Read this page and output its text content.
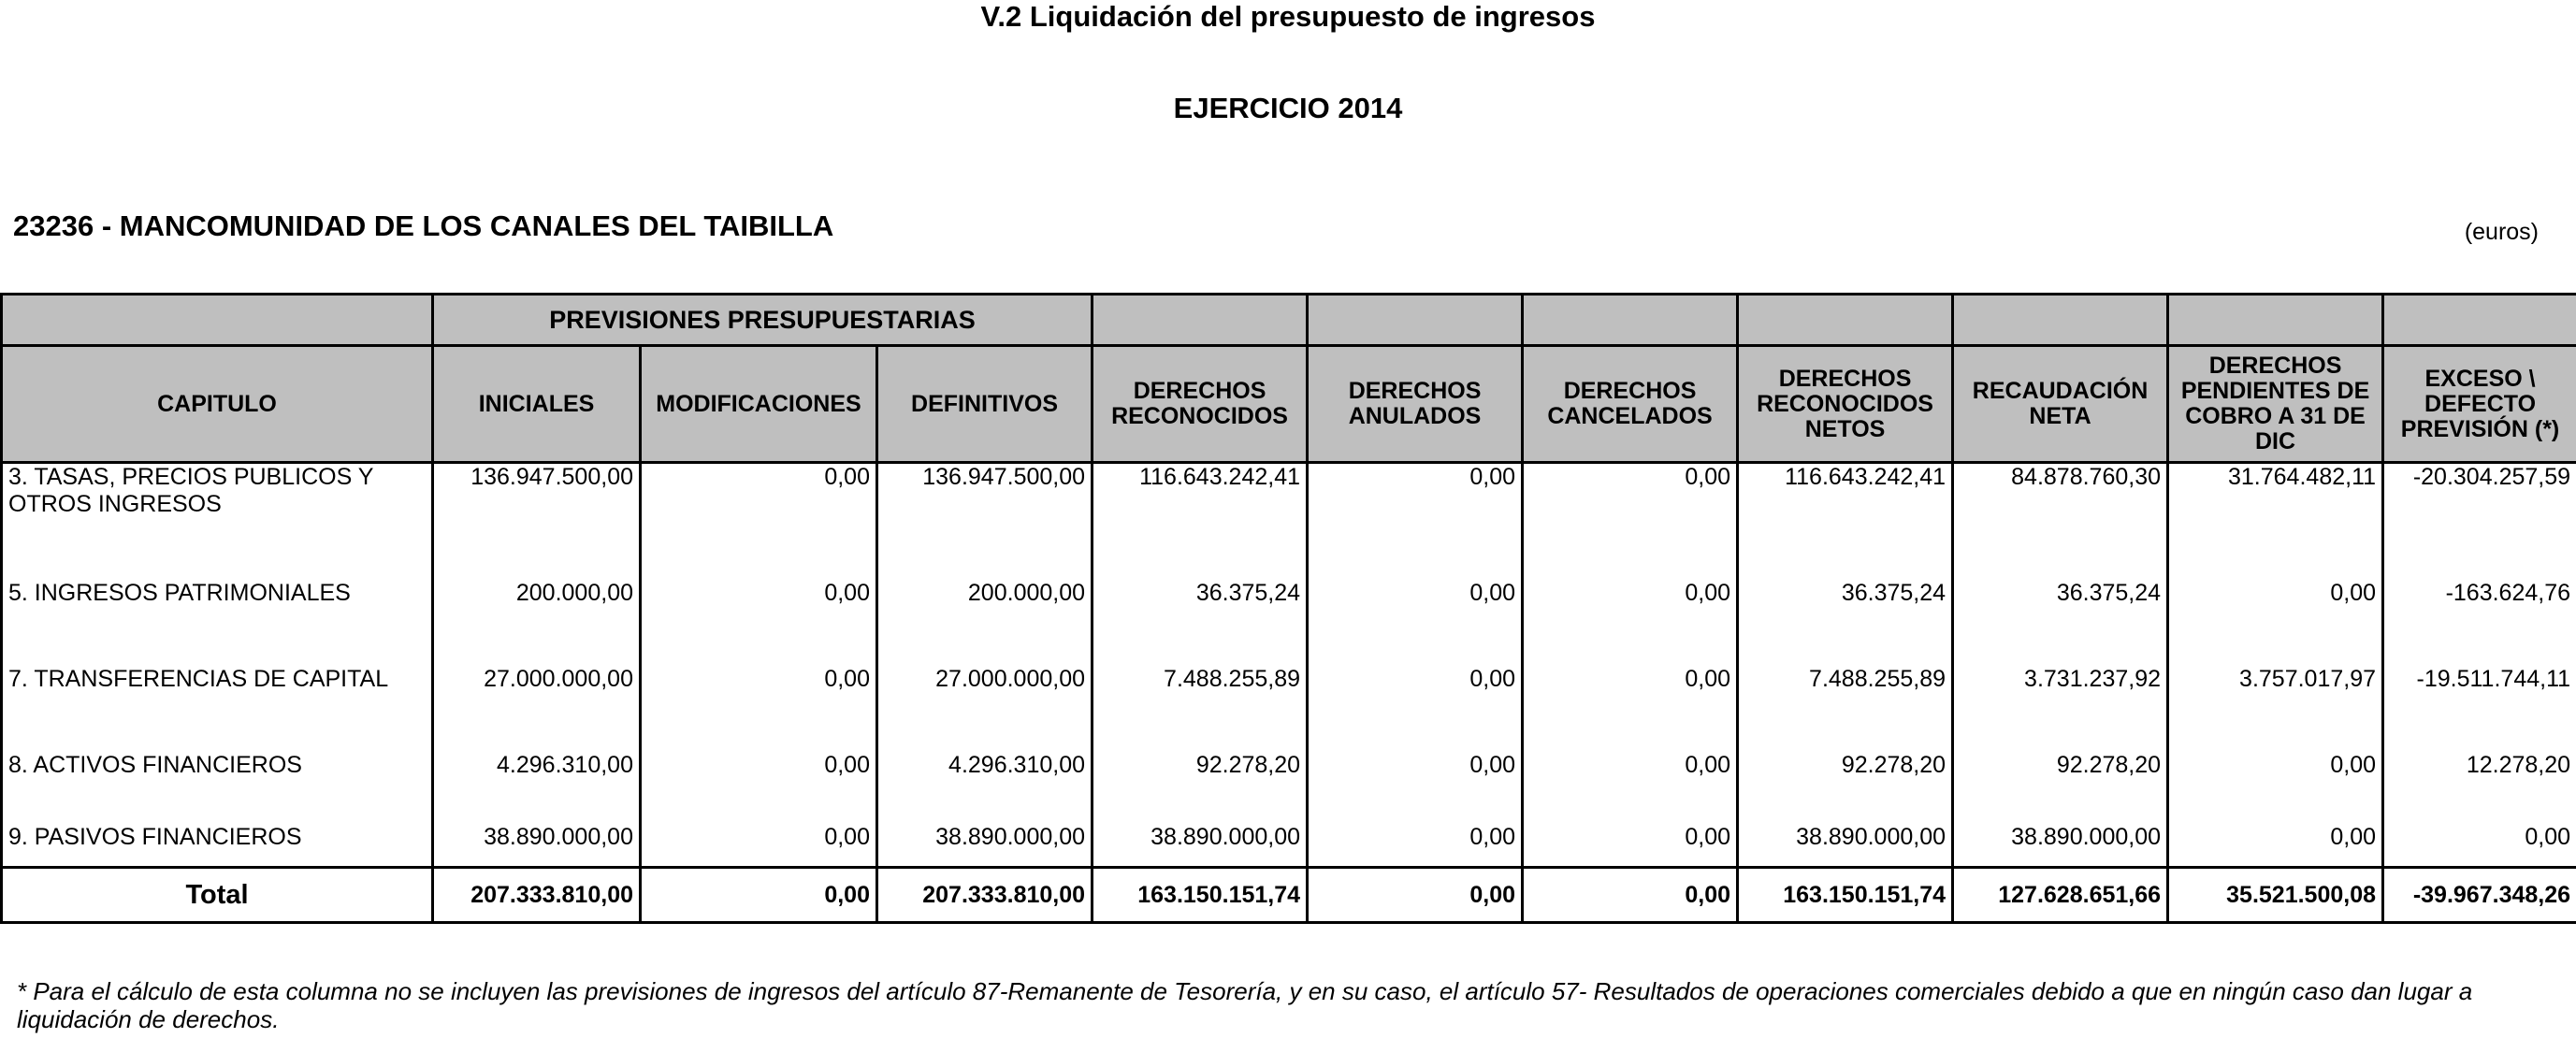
V.2 Liquidación del presupuesto de ingresos
EJERCICIO 2014
23236 - MANCOMUNIDAD DE LOS CANALES DEL TAIBILLA	(euros)
	PREVISIONES PRESUPUESTARIAS									
CAPITULO	INICIALES	MODIFICACIONES	DEFINITIVOS	DERECHOS RECONOCIDOS	DERECHOS ANULADOS	DERECHOS CANCELADOS	DERECHOS RECONOCIDOS NETOS	RECAUDACIÓN NETA	DERECHOS PENDIENTES DE COBRO A 31 DE DIC	EXCESO \ DEFECTO PREVISIÓN (*)
3. TASAS, PRECIOS PUBLICOS Y OTROS INGRESOS	136.947.500,00	0,00	136.947.500,00	116.643.242,41	0,00	0,00	116.643.242,41	84.878.760,30	31.764.482,11	-20.304.257,59
5. INGRESOS PATRIMONIALES	200.000,00	0,00	200.000,00	36.375,24	0,00	0,00	36.375,24	36.375,24	0,00	-163.624,76
7. TRANSFERENCIAS DE CAPITAL	27.000.000,00	0,00	27.000.000,00	7.488.255,89	0,00	0,00	7.488.255,89	3.731.237,92	3.757.017,97	-19.511.744,11
8. ACTIVOS FINANCIEROS	4.296.310,00	0,00	4.296.310,00	92.278,20	0,00	0,00	92.278,20	92.278,20	0,00	12.278,20
9. PASIVOS FINANCIEROS	38.890.000,00	0,00	38.890.000,00	38.890.000,00	0,00	0,00	38.890.000,00	38.890.000,00	0,00	0,00
Total	207.333.810,00	0,00	207.333.810,00	163.150.151,74	0,00	0,00	163.150.151,74	127.628.651,66	35.521.500,08	-39.967.348,26
* Para el cálculo de esta columna no se incluyen las previsiones de ingresos del artículo 87-Remanente de Tesorería, y en su caso, el artículo 57- Resultados de operaciones comerciales debido a que en ningún caso dan lugar a liquidación de derechos.
